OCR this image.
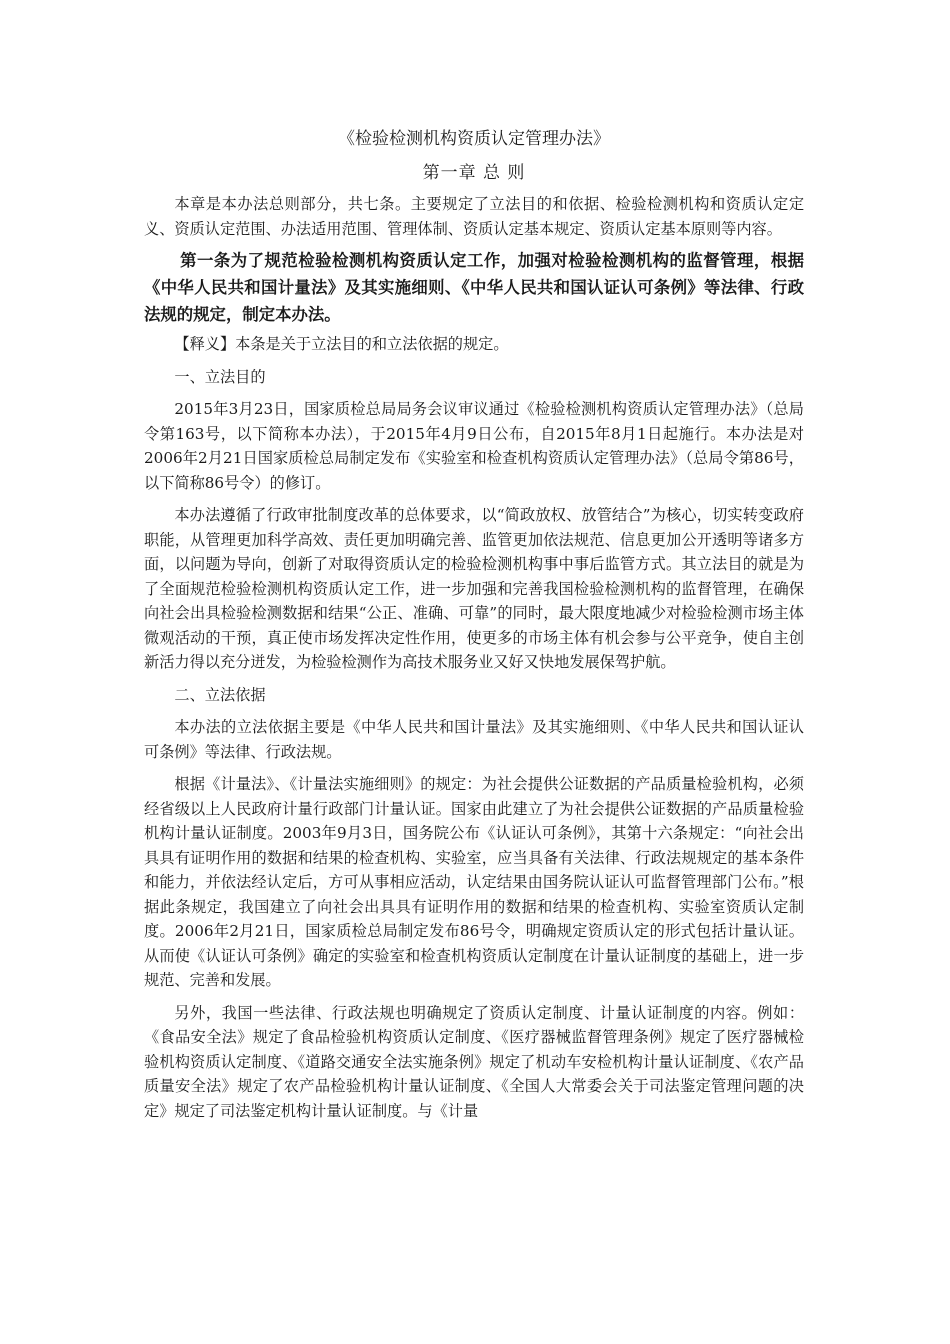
《检验检测机构资质认定管理办法》
第一章 总 则

本章是本办法总则部分，共七条。主要规定了立法目的和依据、检验检测机构和资质认定定义、资质认定范围、办法适用范围、管理体制、资质认定基本规定、资质认定基本原则等内容。

第一条为了规范检验检测机构资质认定工作，加强对检验检测机构的监督管理，根据《中华人民共和国计量法》及其实施细则、《中华人民共和国认证认可条例》等法律、行政法规的规定，制定本办法。

【释义】本条是关于立法目的和立法依据的规定。

一、立法目的

2015年3月23日，国家质检总局局务会议审议通过《检验检测机构资质认定管理办法》（总局令第163号，以下简称本办法），于2015年4月9日公布，自2015年8月1日起施行。本办法是对2006年2月21日国家质检总局制定发布《实验室和检查机构资质认定管理办法》（总局令第86号，以下简称86号令）的修订。

本办法遵循了行政审批制度改革的总体要求，以“简政放权、放管结合”为核心，切实转变政府职能，从管理更加科学高效、责任更加明确完善、监管更加依法规范、信息更加公开透明等诸多方面，以问题为导向，创新了对取得资质认定的检验检测机构事中事后监管方式。其立法目的就是为了全面规范检验检测机构资质认定工作，进一步加强和完善我国检验检测机构的监督管理，在确保向社会出具检验检测数据和结果“公正、准确、可靠”的同时，最大限度地减少对检验检测市场主体微观活动的干预，真正使市场发挥决定性作用，使更多的市场主体有机会参与公平竞争，使自主创新活力得以充分迸发，为检验检测作为高技术服务业又好又快地发展保驾护航。

二、立法依据

本办法的立法依据主要是《中华人民共和国计量法》及其实施细则、《中华人民共和国认证认可条例》等法律、行政法规。

根据《计量法》、《计量法实施细则》的规定：为社会提供公证数据的产品质量检验机构，必须经省级以上人民政府计量行政部门计量认证。国家由此建立了为社会提供公证数据的产品质量检验机构计量认证制度。2003年9月3日，国务院公布《认证认可条例》，其第十六条规定：“向社会出具具有证明作用的数据和结果的检查机构、实验室，应当具备有关法律、行政法规规定的基本条件和能力，并依法经认定后，方可从事相应活动，认定结果由国务院认证认可监督管理部门公布。”根据此条规定，我国建立了向社会出具具有证明作用的数据和结果的检查机构、实验室资质认定制度。2006年2月21日，国家质检总局制定发布86号令，明确规定资质认定的形式包括计量认证。从而使《认证认可条例》确定的实验室和检查机构资质认定制度在计量认证制度的基础上，进一步规范、完善和发展。

另外，我国一些法律、行政法规也明确规定了资质认定制度、计量认证制度的内容。例如：《食品安全法》规定了食品检验机构资质认定制度、《医疗器械监督管理条例》规定了医疗器械检验机构资质认定制度、《道路交通安全法实施条例》规定了机动车安检机构计量认证制度、《农产品质量安全法》规定了农产品检验机构计量认证制度、《全国人大常委会关于司法鉴定管理问题的决定》规定了司法鉴定机构计量认证制度。与《计量
